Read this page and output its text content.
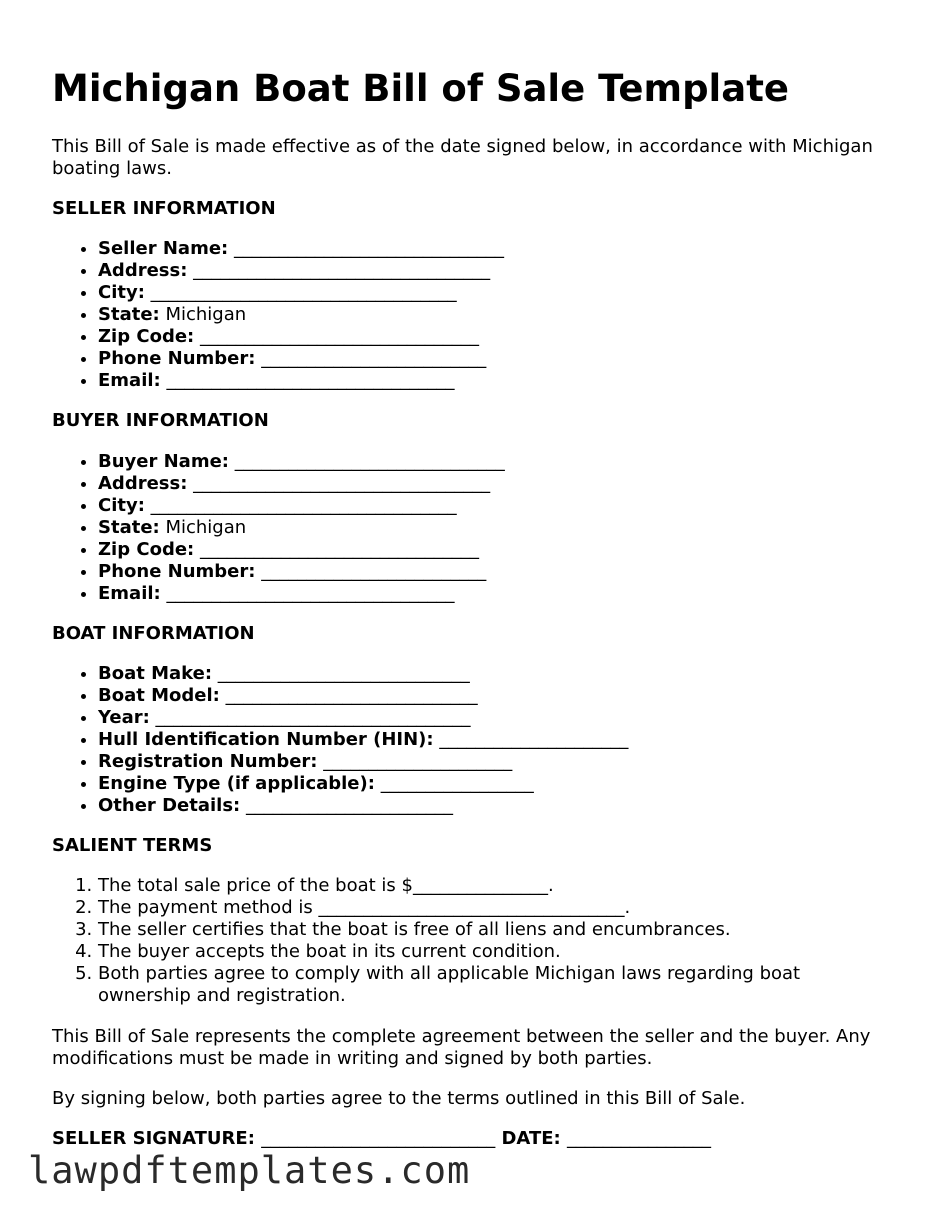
Michigan Boat Bill of Sale Template

This Bill of Sale is made effective as of the date signed below, in accordance with Michigan boating laws.

SELLER INFORMATION

• Seller Name: ______________________________
• Address: _________________________________
• City: __________________________________
• State: Michigan
• Zip Code: _______________________________
• Phone Number: _________________________
• Email: ________________________________

BUYER INFORMATION

• Buyer Name: ______________________________
• Address: _________________________________
• City: __________________________________
• State: Michigan
• Zip Code: _______________________________
• Phone Number: _________________________
• Email: ________________________________

BOAT INFORMATION

• Boat Make: ____________________________
• Boat Model: ____________________________
• Year: ___________________________________
• Hull Identification Number (HIN): _____________________
• Registration Number: _____________________
• Engine Type (if applicable): _________________
• Other Details: _______________________

SALIENT TERMS

1. The total sale price of the boat is $_______________.
2. The payment method is __________________________________.
3. The seller certifies that the boat is free of all liens and encumbrances.
4. The buyer accepts the boat in its current condition.
5. Both parties agree to comply with all applicable Michigan laws regarding boat ownership and registration.

This Bill of Sale represents the complete agreement between the seller and the buyer. Any modifications must be made in writing and signed by both parties.

By signing below, both parties agree to the terms outlined in this Bill of Sale.

SELLER SIGNATURE: __________________________ DATE: ________________

lawpdftemplates.com
